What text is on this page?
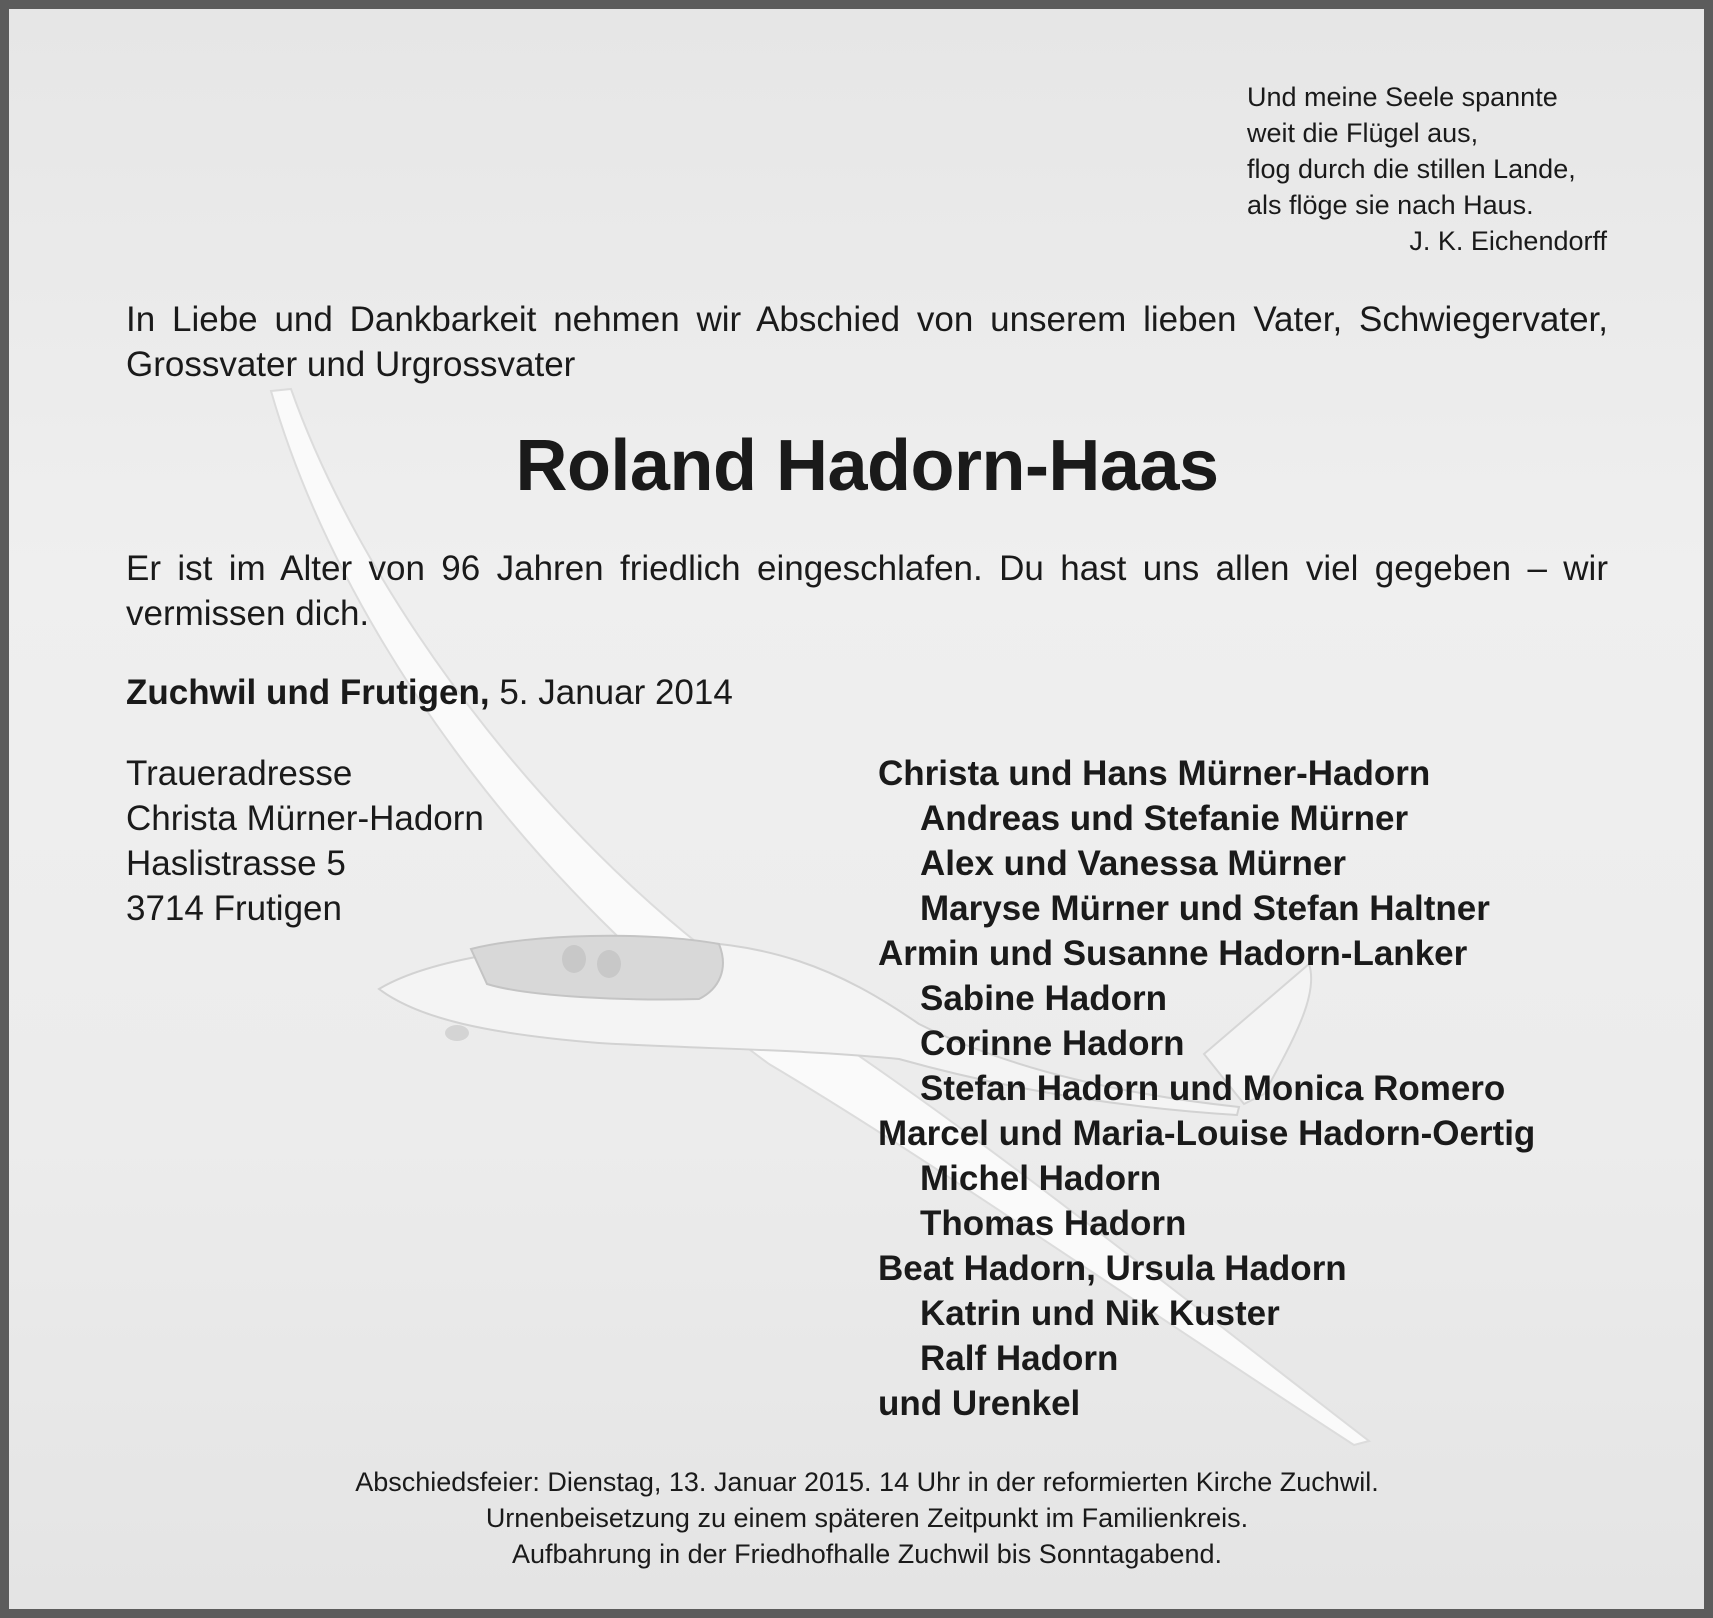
Und meine Seele spannte
weit die Flügel aus,
flog durch die stillen Lande,
als flöge sie nach Haus.
J. K. Eichendorff

In Liebe und Dankbarkeit nehmen wir Abschied von unserem lieben Vater, Schwiegervater, Grossvater und Urgrossvater

Roland Hadorn-Haas

Er ist im Alter von 96 Jahren friedlich eingeschlafen. Du hast uns allen viel gegeben – wir vermissen dich.

Zuchwil und Frutigen, 5. Januar 2014
Traueradresse
Christa Mürner-Hadorn
Haslistrasse 5
3714 Frutigen
Christa und Hans Mürner-Hadorn
Andreas und Stefanie Mürner
Alex und Vanessa Mürner
Maryse Mürner und Stefan Haltner
Armin und Susanne Hadorn-Lanker
Sabine Hadorn
Corinne Hadorn
Stefan Hadorn und Monica Romero
Marcel und Maria-Louise Hadorn-Oertig
Michel Hadorn
Thomas Hadorn
Beat Hadorn, Ursula Hadorn
Katrin und Nik Kuster
Ralf Hadorn
und Urenkel
Abschiedsfeier: Dienstag, 13. Januar 2015. 14 Uhr in der reformierten Kirche Zuchwil.
Urnenbeisetzung zu einem späteren Zeitpunkt im Familienkreis.
Aufbahrung in der Friedhofhalle Zuchwil bis Sonntagabend.
